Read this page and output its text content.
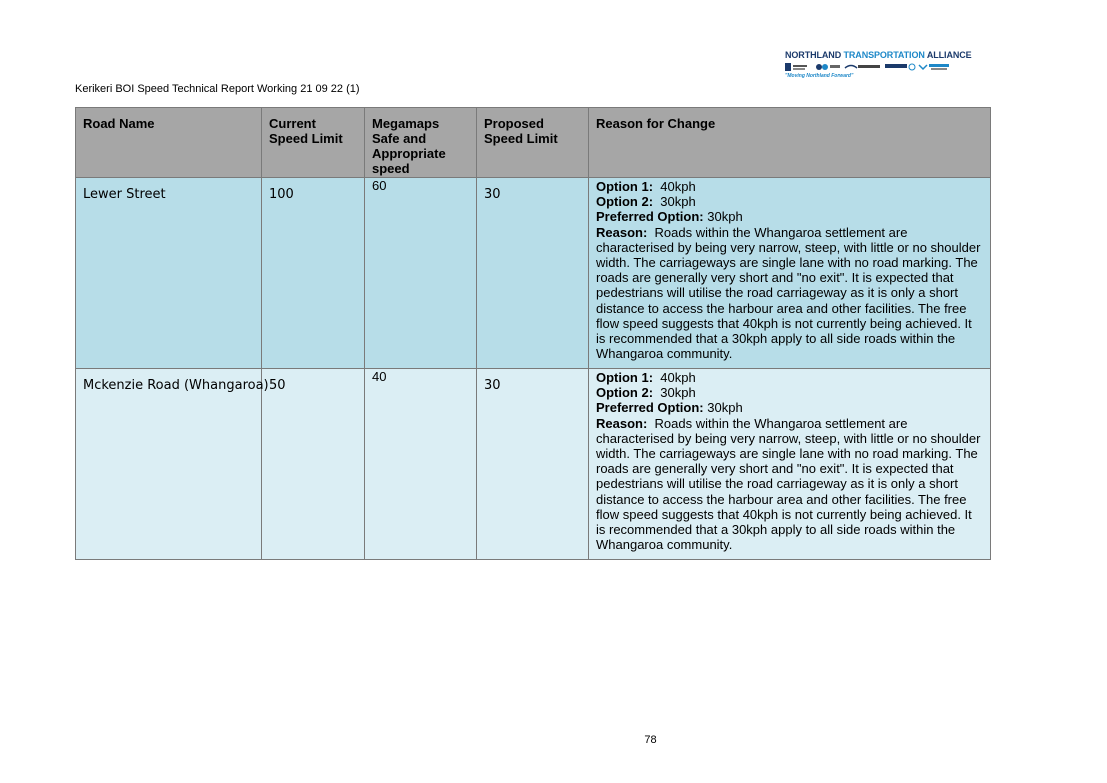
NORTHLAND TRANSPORTATION ALLIANCE
"Moving Northland Forward"
Kerikeri BOI Speed Technical Report Working 21 09 22 (1)
Road Name	Current Speed Limit	Megamaps Safe and Appropriate speed	Proposed Speed Limit	Reason for Change
Lewer Street	100	60	30	Option 1: 40kph
Option 2: 30kph
Preferred Option: 30kph
Reason: Roads within the Whangaroa settlement are characterised by being very narrow, steep, with little or no shoulder width. The carriageways are single lane with no road marking. The roads are generally very short and "no exit". It is expected that pedestrians will utilise the road carriageway as it is only a short distance to access the harbour area and other facilities. The free flow speed suggests that 40kph is not currently being achieved. It is recommended that a 30kph apply to all side roads within the Whangaroa community.

Mckenzie Road (Whangaroa)	50	40	30	Option 1: 40kph
Option 2: 30kph
Preferred Option: 30kph
Reason: Roads within the Whangaroa settlement are characterised by being very narrow, steep, with little or no shoulder width. The carriageways are single lane with no road marking. The roads are generally very short and "no exit". It is expected that pedestrians will utilise the road carriageway as it is only a short distance to access the harbour area and other facilities. The free flow speed suggests that 40kph is not currently being achieved. It is recommended that a 30kph apply to all side roads within the Whangaroa community.
78
